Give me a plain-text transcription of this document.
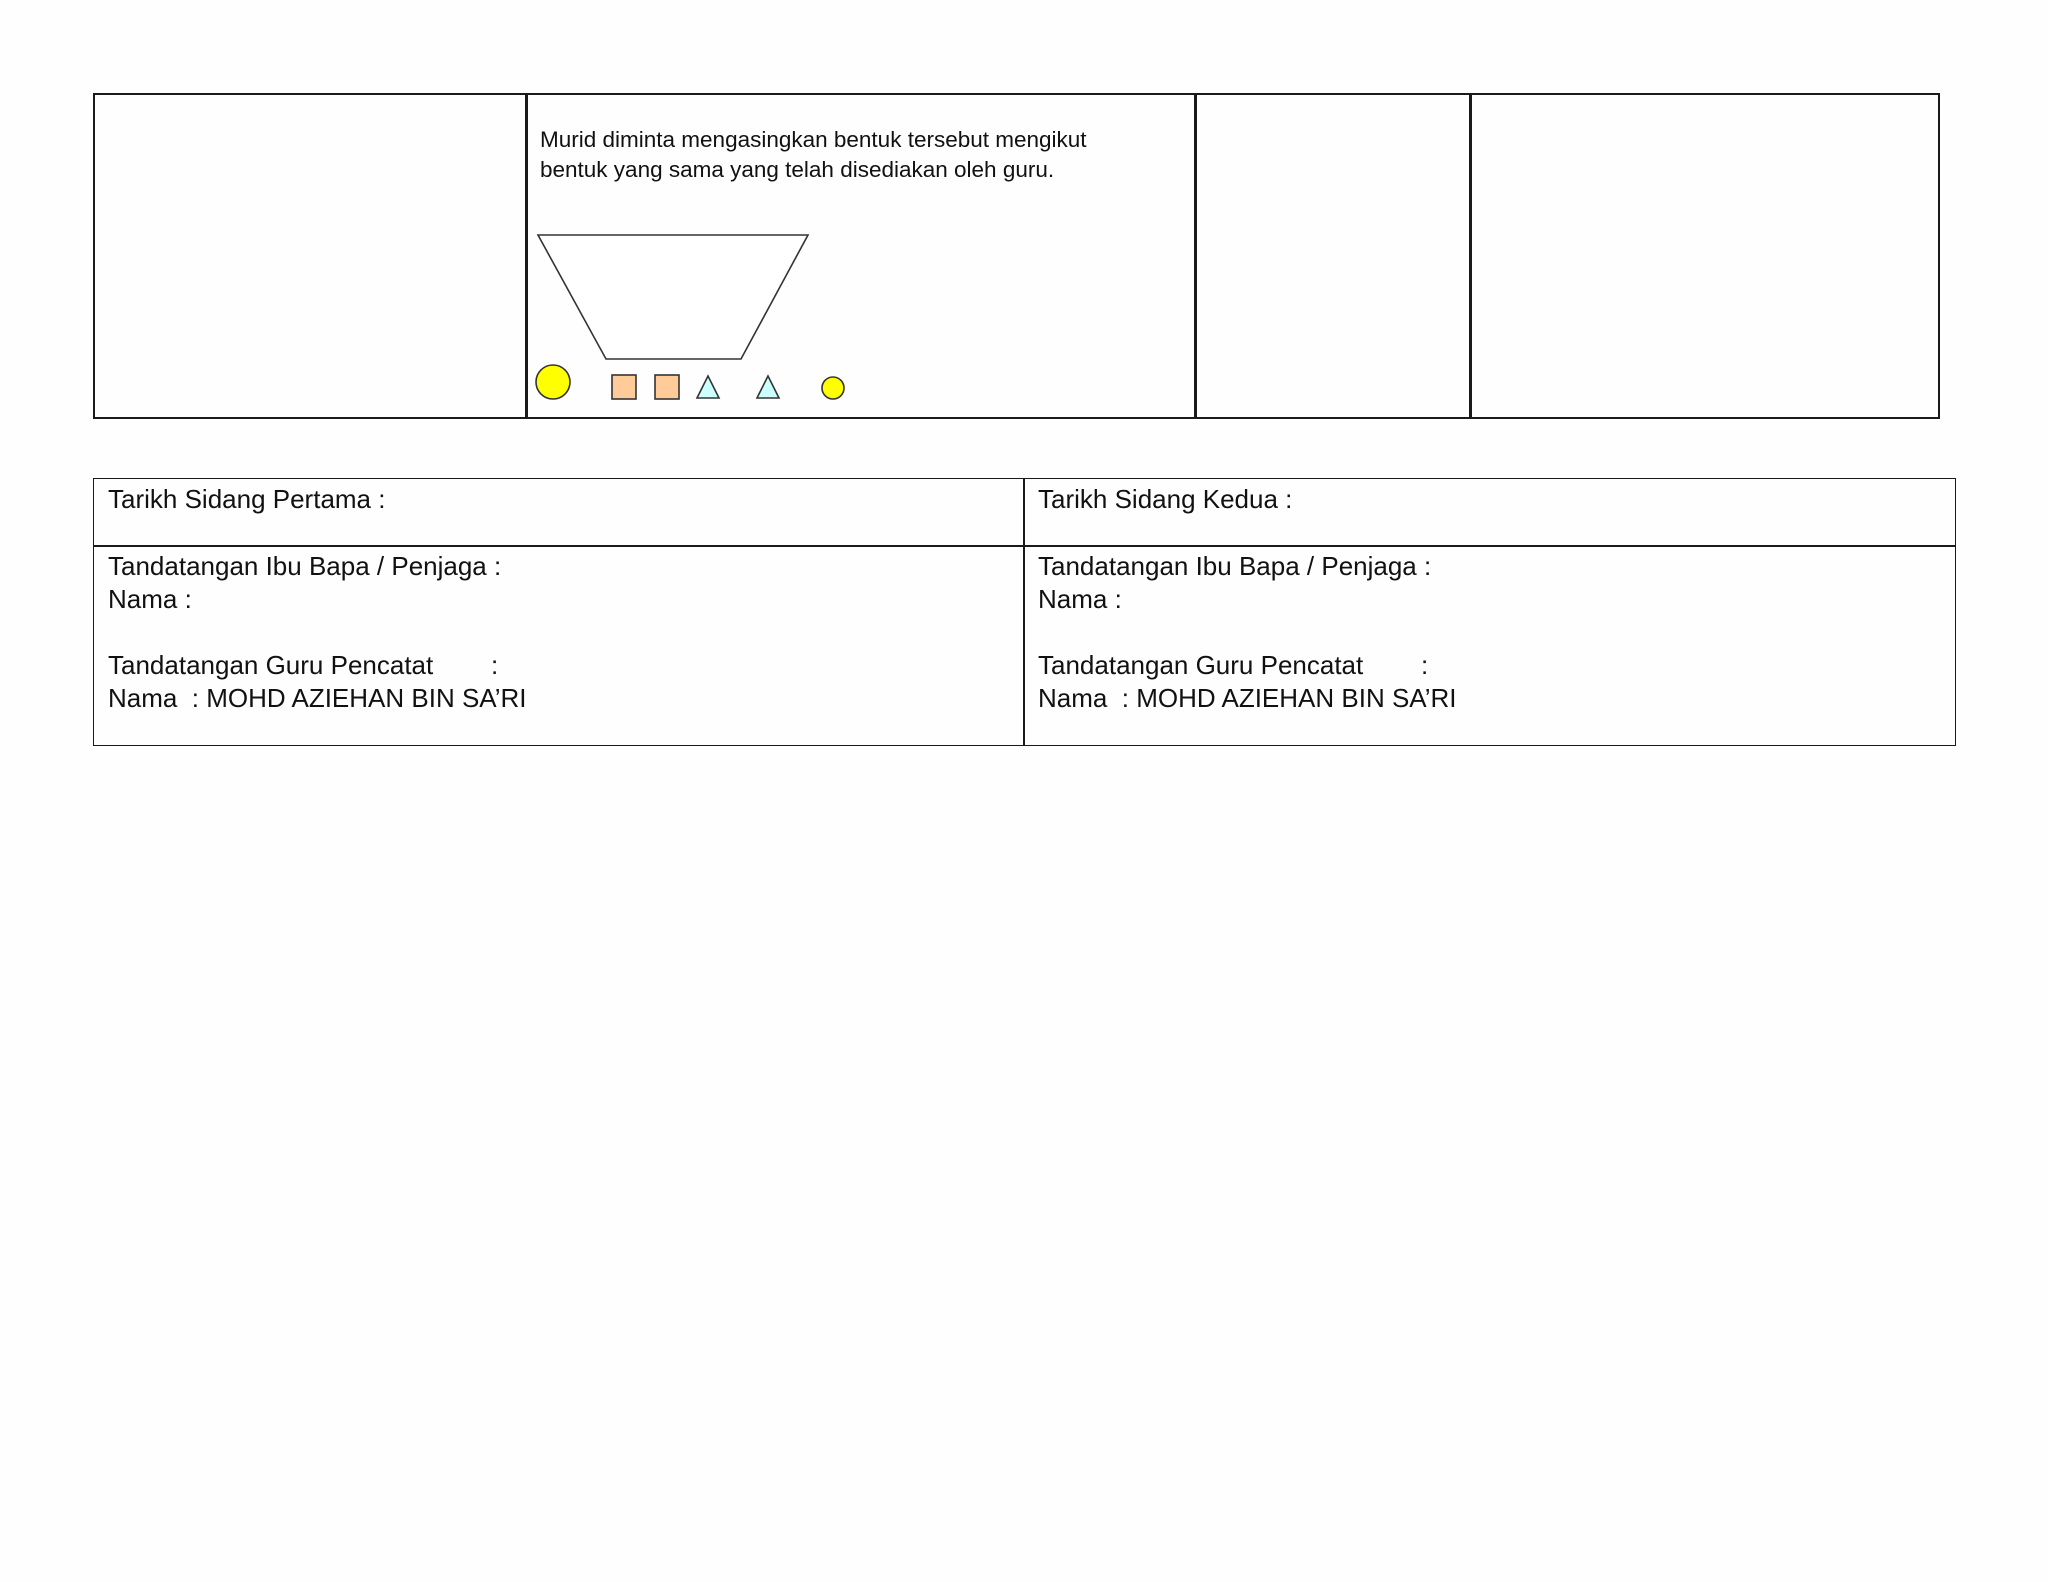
Murid diminta mengasingkan bentuk tersebut mengikut
bentuk yang sama yang telah disediakan oleh guru.
Tarikh Sidang Pertama :	Tarikh Sidang Kedua :
Tandatangan Ibu Bapa / Penjaga :
Nama :
Tandatangan Guru Pencatat        :
Nama  : MOHD AZIEHAN BIN SA’RI
Tandatangan Ibu Bapa / Penjaga :
Nama :
Tandatangan Guru Pencatat        :
Nama  : MOHD AZIEHAN BIN SA’RI
